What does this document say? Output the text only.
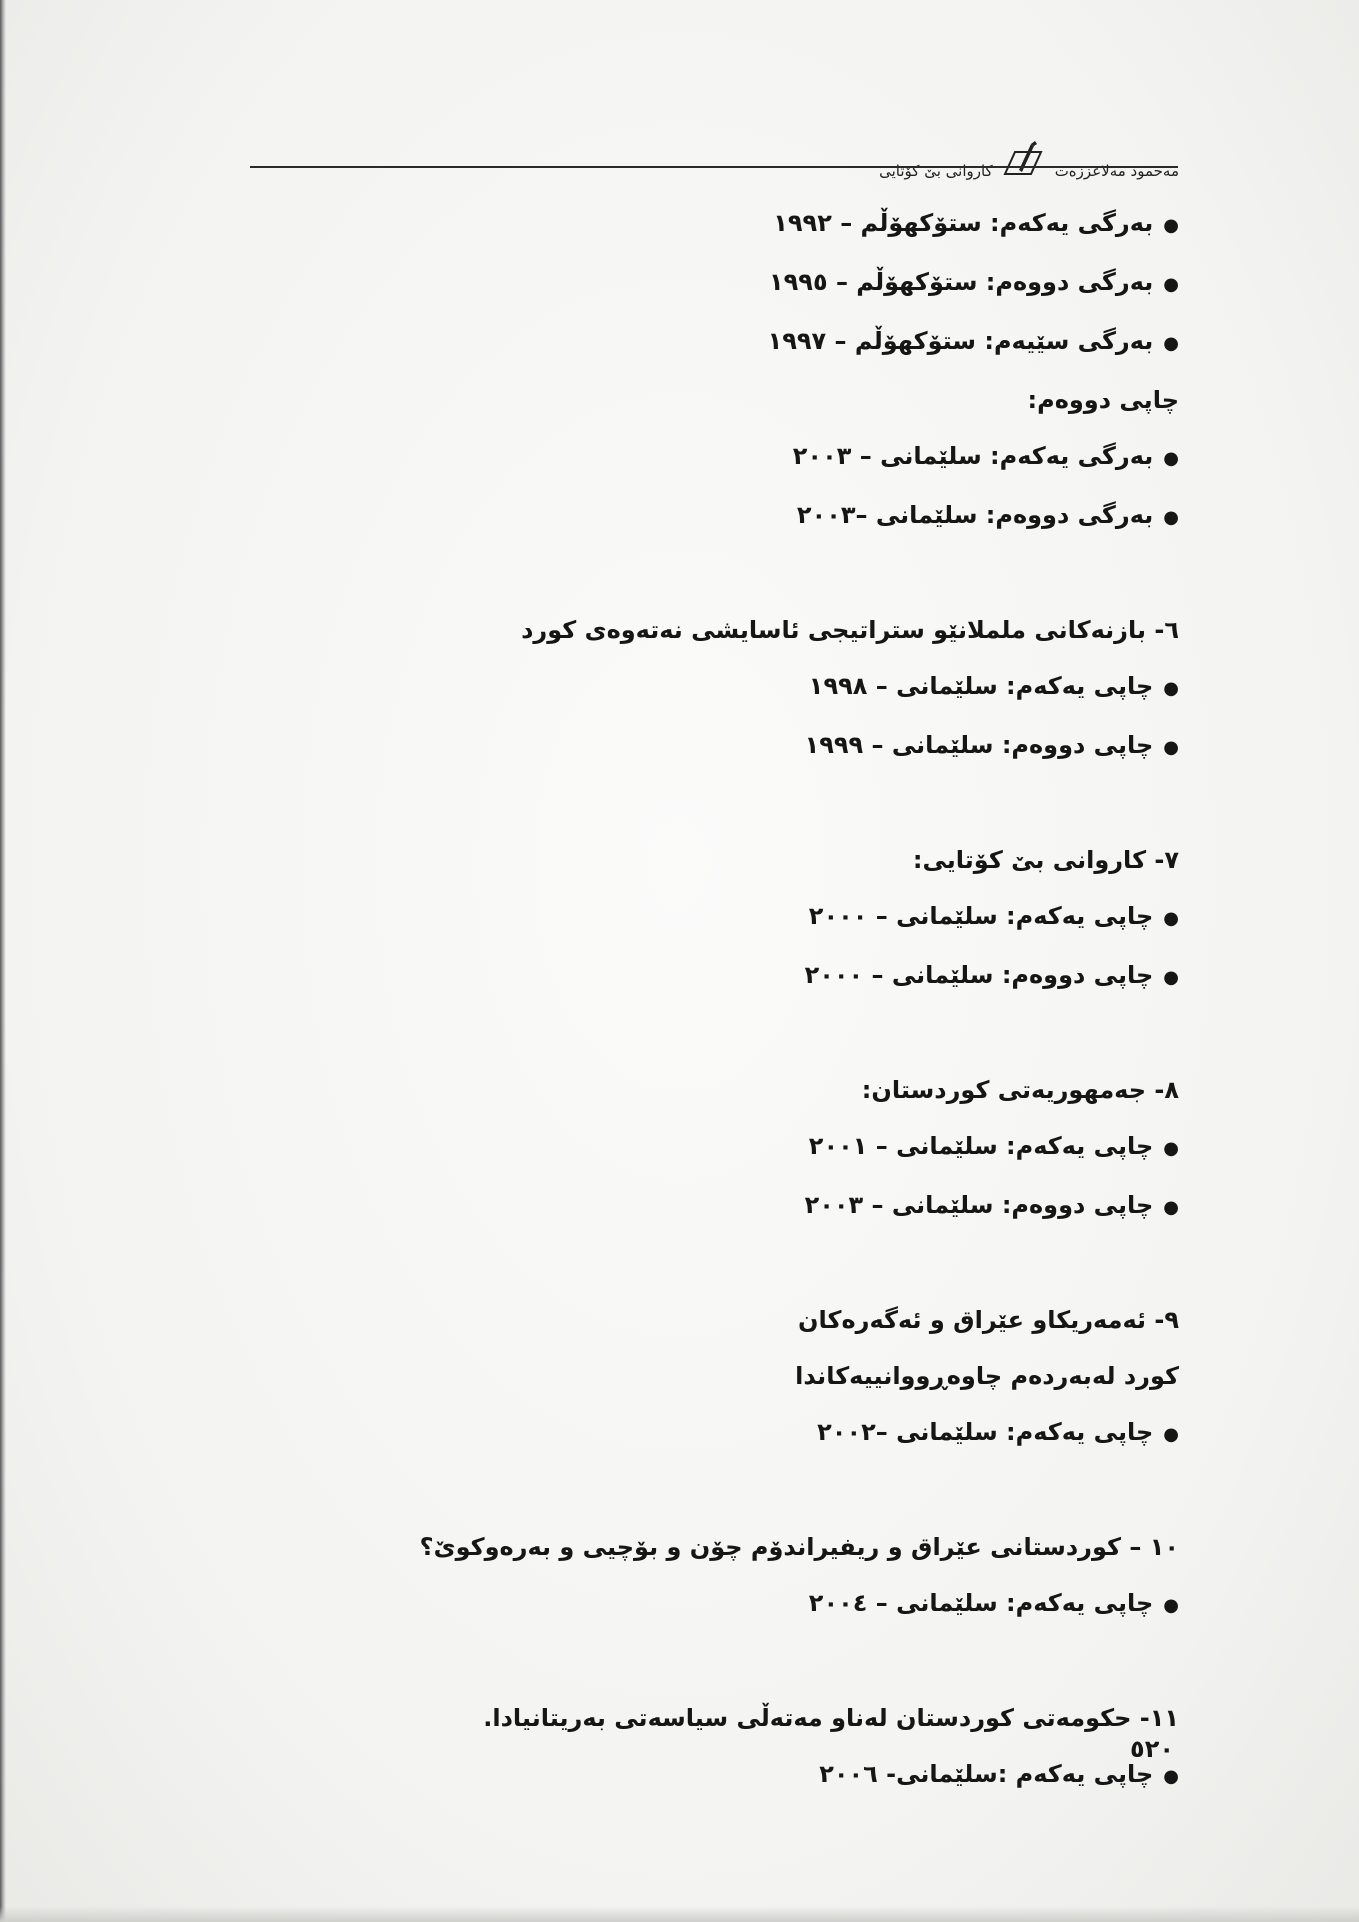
مەحمود مەلاعززەت
کاروانی بێ کۆتایی
●بەرگی یەکەم: ستۆکهۆڵم – ١٩٩٢
●بەرگی دووەم: ستۆکهۆڵم – ١٩٩٥
●بەرگی سێیەم: ستۆکهۆڵم – ١٩٩٧
چاپی دووەم:
●بەرگی یەکەم: سلێمانی – ٢٠٠٣
●بەرگی دووەم: سلێمانی –٢٠٠٣
٦- بازنەکانی ململانێو ستراتیجی ئاسایشی نەتەوەی کورد
●چاپی یەکەم: سلێمانی – ١٩٩٨
●چاپی دووەم: سلێمانی – ١٩٩٩
٧- کاروانی بێ کۆتایی:
●چاپی یەکەم: سلێمانی – ٢٠٠٠
●چاپی دووەم: سلێمانی – ٢٠٠٠
٨- جەمهوریەتی کوردستان:
●چاپی یەکەم: سلێمانی – ٢٠٠١
●چاپی دووەم: سلێمانی – ٢٠٠٣
٩- ئەمەریکاو عێراق و ئەگەرەکان
کورد لەبەردەم چاوەڕووانییەکاندا
●چاپی یەکەم: سلێمانی –٢٠٠٢
١٠ – کوردستانی عێراق و ریفیراندۆم چۆن و بۆچیی و بەرەوکوێ؟
●چاپی یەکەم: سلێمانی – ٢٠٠٤
١١- حکومەتی کوردستان لەناو مەتەڵی سیاسەتی بەریتانیادا.
●چاپی یەکەم :سلێمانی- ٢٠٠٦
٥٢٠
